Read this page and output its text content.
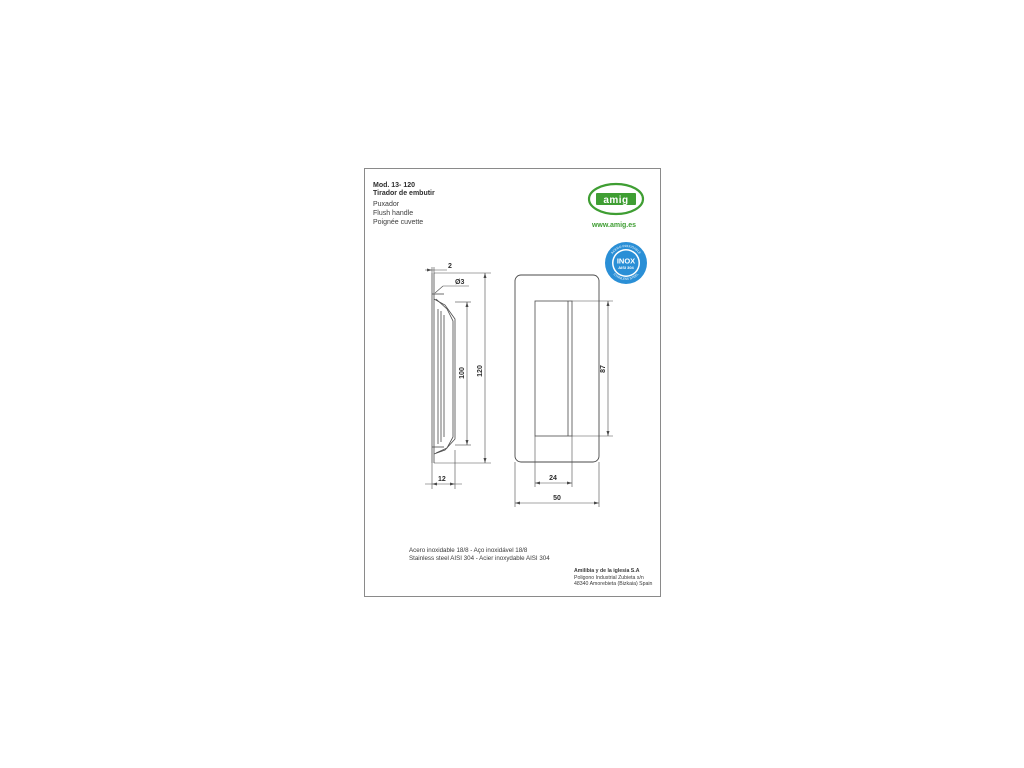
Mod. 13- 120
Tirador de embutir
Puxador
Flush handle
Poignée cuvette
amig
www.amig.es
ACERO INOXIDABLE
STAINLESS STEEL
INOX
AISI 304
2
Ø3
100 120
12
87
24
50
Acero inoxidable 18/8 - Aço inoxidável 18/8
Stainless steel AISI 304 - Acier inoxydable AISI 304
Amilibia y de la iglesia S.A
Poligono Industrial Zubieta s/n
48340 Amorebieta (Bizkaia) Spain
